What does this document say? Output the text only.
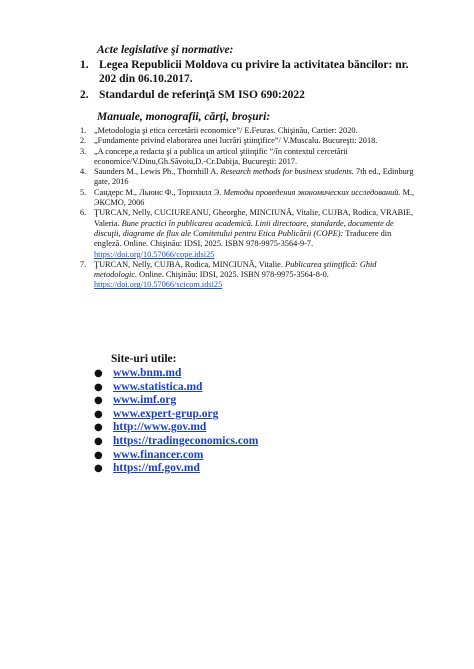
Acte legislative şi normative:
1. Legea Republicii Moldova cu privire la activitatea băncilor: nr. 202 din 06.10.2017.
2. Standardul de referinţă SM ISO 690:2022
Manuale, monografii, cărţi, broşuri:
1. „Metodologia şi etica cercetării economice”/ E.Feuras. Chişinău, Cartier: 2020.
2. „Fundamente privind elaborarea unei lucrări ştiinţifice”/ V.Muscalu. Bucureşti: 2018.
3. „A concepe,a redacta şi a publica un articol ştiinţific ”/în contextul cercetării economice/V.Dinu,Gh.Săvoiu,D.-Cr.Dabija, Bucureşti: 2017.
4. Saunders M., Lewis Ph., Thornhill A. Research methods for business students. 7th ed., Edinburg gate, 2016
5. Сандерс М., Льюис Ф., Торнхилл Э. Методы проведения экономических исследований. М., ЭКСМО, 2006
6. ŢURCAN, Nelly, CUCIUREANU, Gheorghe, MINCIUNĂ, Vitalie, CUJBA, Rodica, VRABIE, Valeria. Bune practici în publicarea academică. Linii directoare, standarde, documente de discuţii, diagrame de flux ale Comitetului pentru Etica Publicării (COPE): Traducere din engleză. Online. Chişinău: IDSI, 2025. ISBN 978-9975-3564-9-7. https://doi.org/10.57066/cope.idsi25
7. ŢURCAN, Nelly, CUJBA, Rodica, MINCIUNĂ, Vitalie. Publicarea ştiinţifică: Ghid metodologic. Online. Chişinău: IDSI, 2025. ISBN 978-9975-3564-8-0. https://doi.org/10.57066/scicom.idsi25
Site-uri utile:
● www.bnm.md
● www.statistica.md
● www.imf.org
● www.expert-grup.org
● http://www.gov.md
● https://tradingeconomics.com
● www.financer.com
● https://mf.gov.md
